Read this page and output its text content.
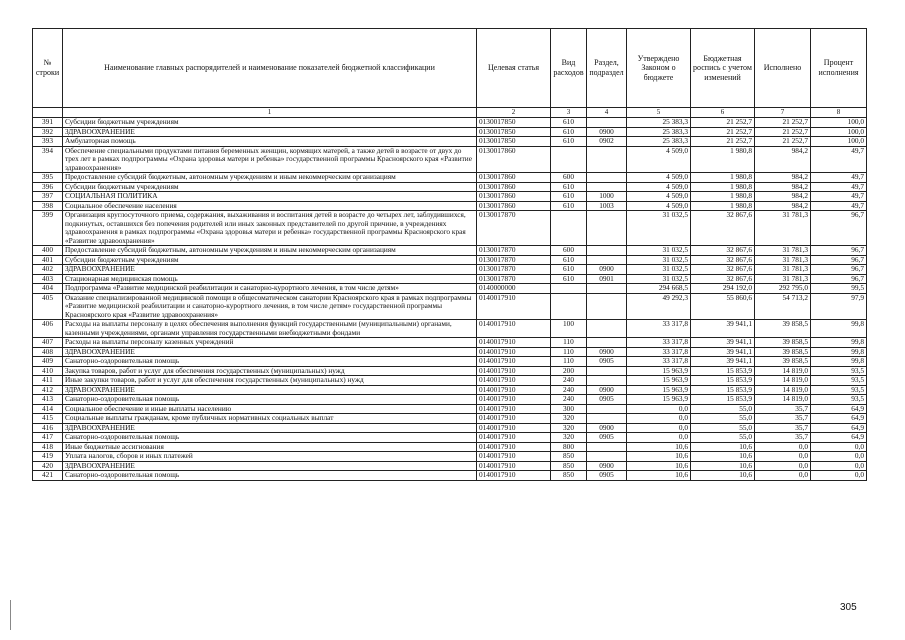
№ строки	Наименование главных распорядителей и наименование показателей бюджетной классификации	Целевая статья	Вид расходов	Раздел, подраздел	Утверждено Законом о бюджете	Бюджетная роспись с учетом изменений	Исполнено	Процент исполнения
	1	2	3	4	5	6	7	8
391	Субсидии бюджетным учреждениям	0130017850	610		25 383,3	21 252,7	21 252,7	100,0
392	ЗДРАВООХРАНЕНИЕ	0130017850	610	0900	25 383,3	21 252,7	21 252,7	100,0
393	Амбулаторная помощь	0130017850	610	0902	25 383,3	21 252,7	21 252,7	100,0
394	Обеспечение специальными продуктами питания беременных женщин, кормящих матерей, а также детей в возрасте от двух до трех лет в рамках подпрограммы «Охрана здоровья матери и ребенка» государственной программы Красноярского края «Развитие здравоохранения»	0130017860			4 509,0	1 980,8	984,2	49,7
395	Предоставление субсидий бюджетным, автономным учреждениям и иным некоммерческим организациям	0130017860	600		4 509,0	1 980,8	984,2	49,7
396	Субсидии бюджетным учреждениям	0130017860	610		4 509,0	1 980,8	984,2	49,7
397	СОЦИАЛЬНАЯ ПОЛИТИКА	0130017860	610	1000	4 509,0	1 980,8	984,2	49,7
398	Социальное обеспечение населения	0130017860	610	1003	4 509,0	1 980,8	984,2	49,7
399	Организация круглосуточного приема, содержания, выхаживания и воспитания детей в возрасте до четырех лет, заблудившихся, подкинутых, оставшихся без попечения родителей или иных законных представителей по другой причине, в учреждениях здравоохранения в рамках подпрограммы «Охрана здоровья матери и ребенка» государственной программы Красноярского края «Развитие здравоохранения»	0130017870			31 032,5	32 867,6	31 781,3	96,7
400	Предоставление субсидий бюджетным, автономным учреждениям и иным некоммерческим организациям	0130017870	600		31 032,5	32 867,6	31 781,3	96,7
401	Субсидии бюджетным учреждениям	0130017870	610		31 032,5	32 867,6	31 781,3	96,7
402	ЗДРАВООХРАНЕНИЕ	0130017870	610	0900	31 032,5	32 867,6	31 781,3	96,7
403	Стационарная медицинская помощь	0130017870	610	0901	31 032,5	32 867,6	31 781,3	96,7
404	Подпрограмма «Развитие медицинской реабилитации и санаторно-курортного лечения, в том числе детям»	0140000000			294 668,5	294 192,0	292 795,0	99,5
405	Оказание специализированной медицинской помощи в общесоматическом санатории Красноярского края в рамках подпрограммы «Развитие медицинской реабилитации и санаторно-курортного лечения, в том числе детям» государственной программы Красноярского края «Развитие здравоохранения»	0140017910			49 292,3	55 860,6	54 713,2	97,9
406	Расходы на выплаты персоналу в целях обеспечения выполнения функций государственными (муниципальными) органами, казенными учреждениями, органами управления государственными внебюджетными фондами	0140017910	100		33 317,8	39 941,1	39 858,5	99,8
407	Расходы на выплаты персоналу казенных учреждений	0140017910	110		33 317,8	39 941,1	39 858,5	99,8
408	ЗДРАВООХРАНЕНИЕ	0140017910	110	0900	33 317,8	39 941,1	39 858,5	99,8
409	Санаторно-оздоровительная помощь	0140017910	110	0905	33 317,8	39 941,1	39 858,5	99,8
410	Закупка товаров, работ и услуг для обеспечения государственных (муниципальных) нужд	0140017910	200		15 963,9	15 853,9	14 819,0	93,5
411	Иные закупки товаров, работ и услуг для обеспечения государственных (муниципальных) нужд	0140017910	240		15 963,9	15 853,9	14 819,0	93,5
412	ЗДРАВООХРАНЕНИЕ	0140017910	240	0900	15 963,9	15 853,9	14 819,0	93,5
413	Санаторно-оздоровительная помощь	0140017910	240	0905	15 963,9	15 853,9	14 819,0	93,5
414	Социальное обеспечение и иные выплаты населению	0140017910	300		0,0	55,0	35,7	64,9
415	Социальные выплаты гражданам, кроме публичных нормативных социальных выплат	0140017910	320		0,0	55,0	35,7	64,9
416	ЗДРАВООХРАНЕНИЕ	0140017910	320	0900	0,0	55,0	35,7	64,9
417	Санаторно-оздоровительная помощь	0140017910	320	0905	0,0	55,0	35,7	64,9
418	Иные бюджетные ассигнования	0140017910	800		10,6	10,6	0,0	0,0
419	Уплата налогов, сборов и иных платежей	0140017910	850		10,6	10,6	0,0	0,0
420	ЗДРАВООХРАНЕНИЕ	0140017910	850	0900	10,6	10,6	0,0	0,0
421	Санаторно-оздоровительная помощь	0140017910	850	0905	10,6	10,6	0,0	0,0
305
